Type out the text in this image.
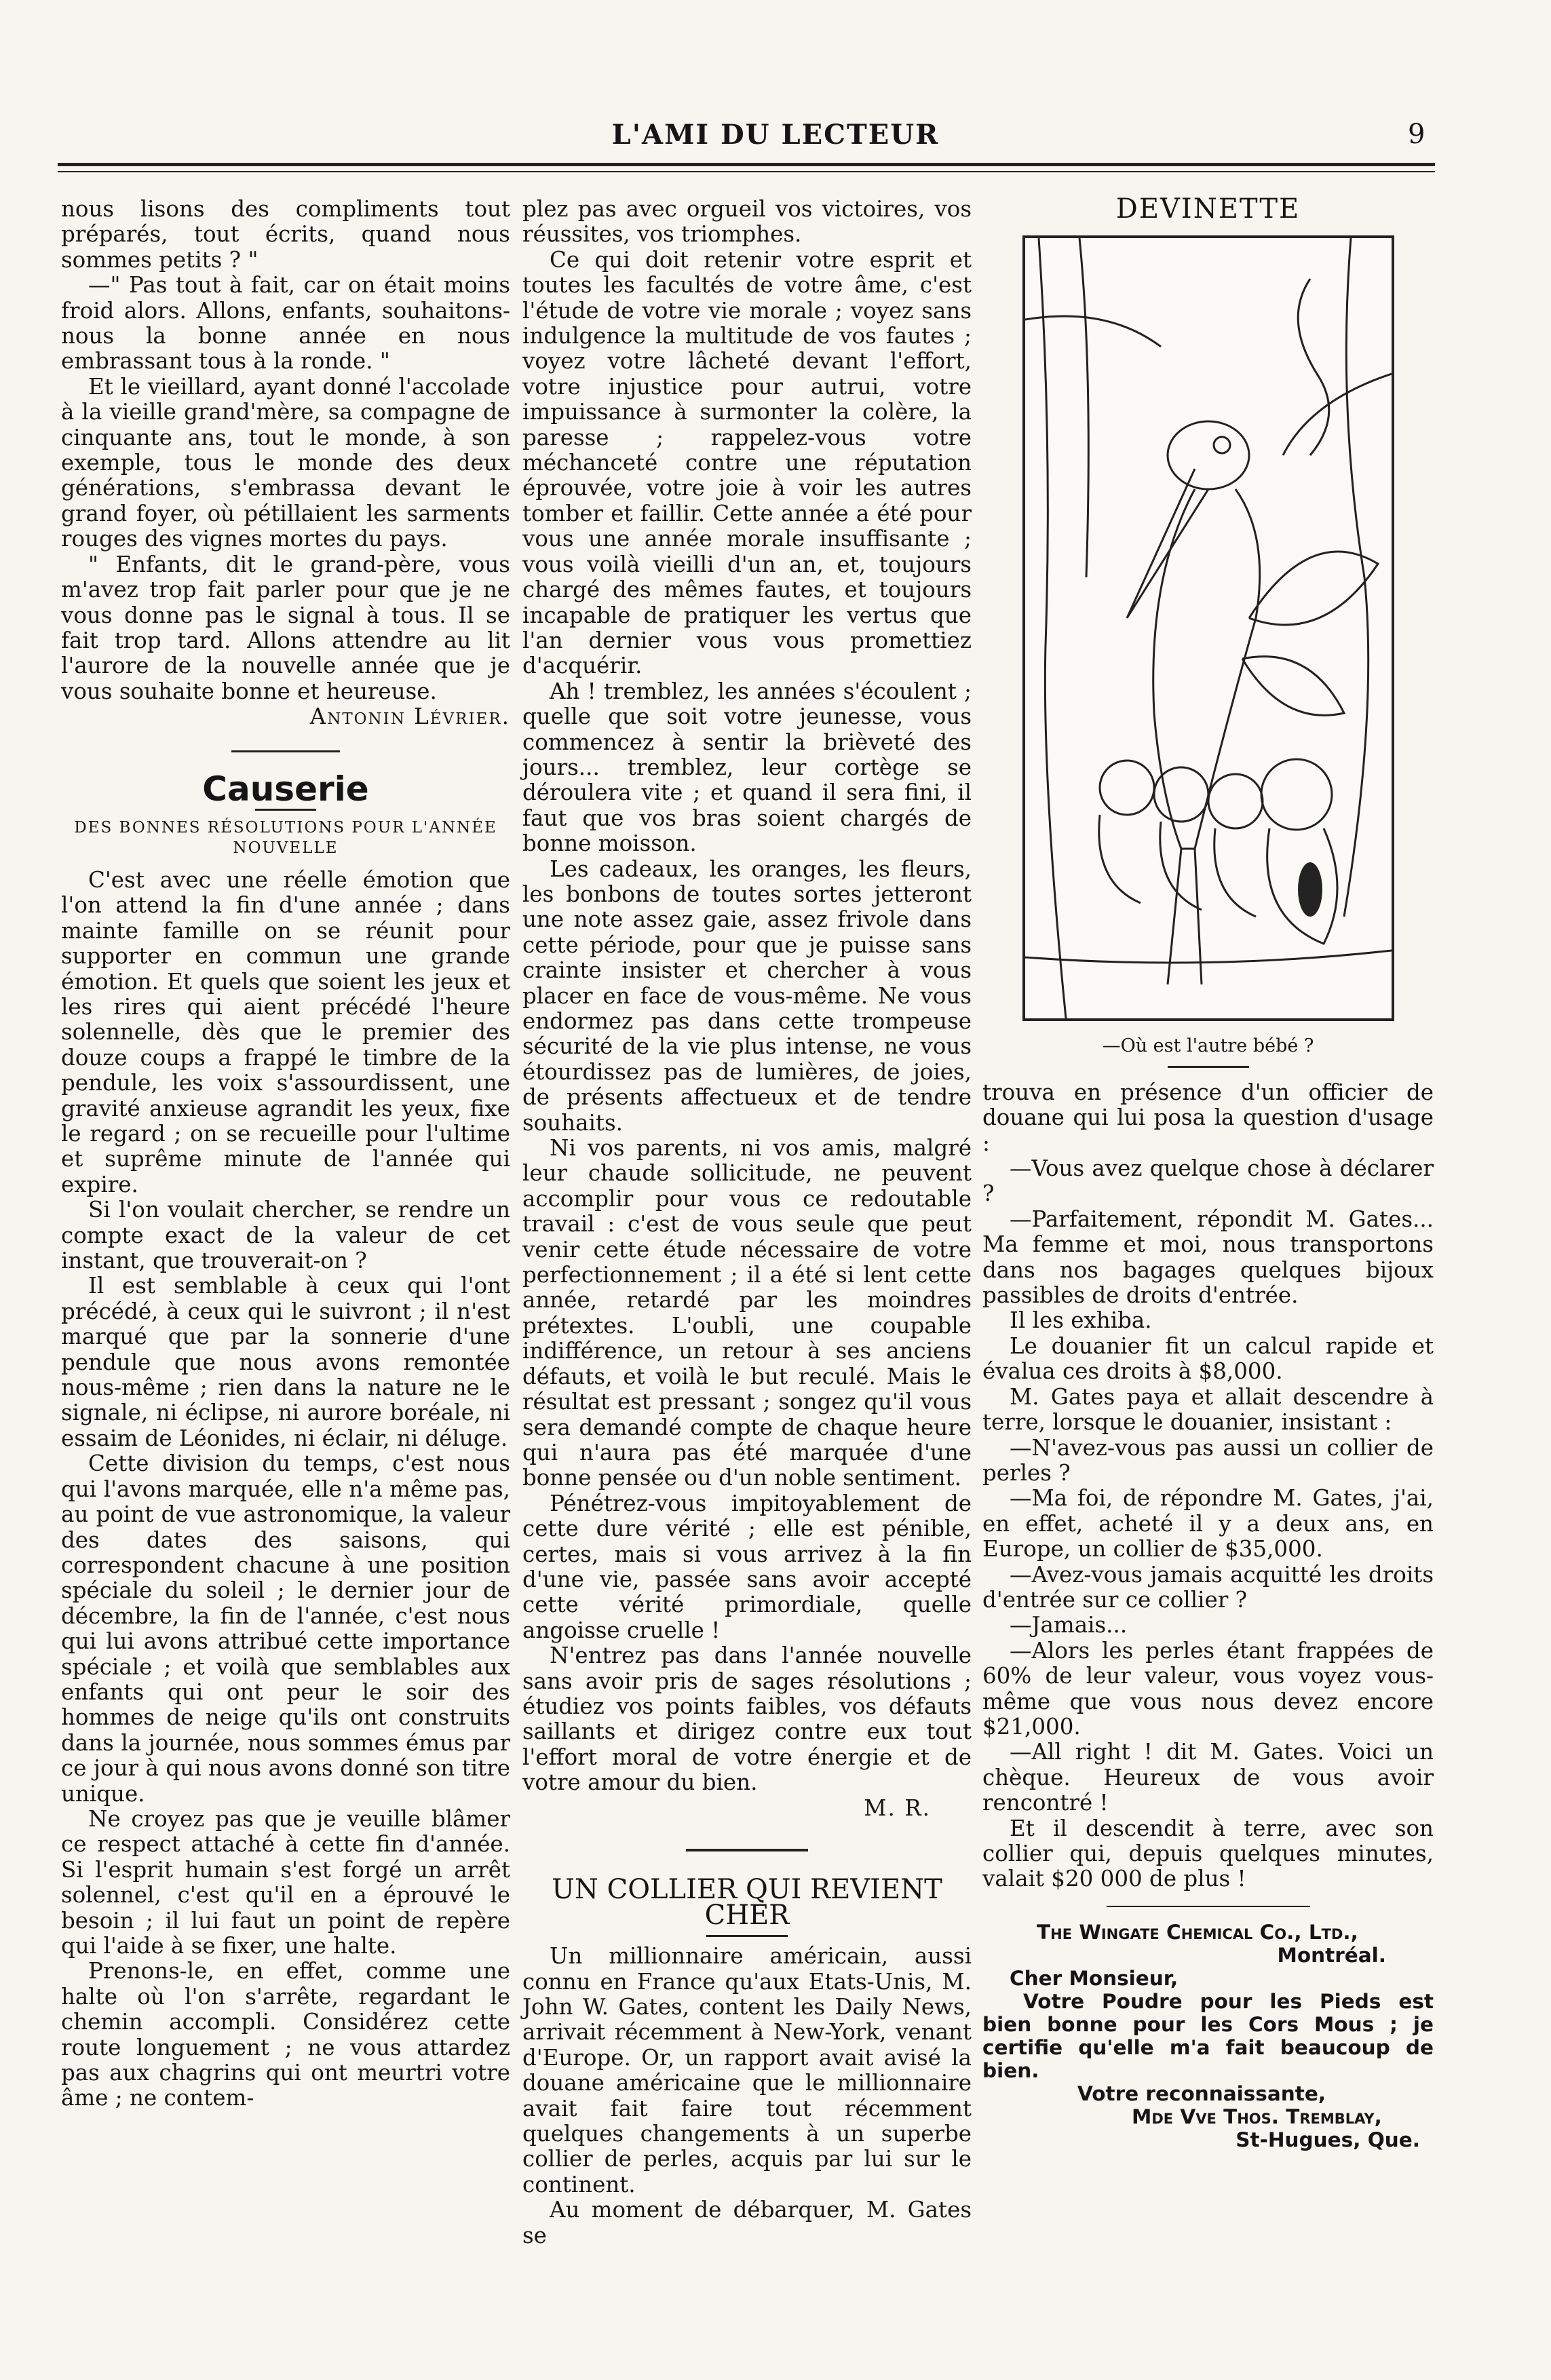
L'AMI DU LECTEUR	9

nous lisons des compliments tout préparés, tout écrits, quand nous sommes petits ? "

—" Pas tout à fait, car on était moins froid alors. Allons, enfants, souhaitons-nous la bonne année en nous embrassant tous à la ronde. "

Et le vieillard, ayant donné l'accolade à la vieille grand'mère, sa compagne de cinquante ans, tout le monde, à son exemple, tous le monde des deux générations, s'embrassa devant le grand foyer, où pétillaient les sarments rouges des vignes mortes du pays.

" Enfants, dit le grand-père, vous m'avez trop fait parler pour que je ne vous donne pas le signal à tous. Il se fait trop tard. Allons attendre au lit l'aurore de la nouvelle année que je vous souhaite bonne et heureuse.

Antonin Lévrier.

Causerie
DES BONNES RÉSOLUTIONS POUR L'ANNÉE NOUVELLE

C'est avec une réelle émotion que l'on attend la fin d'une année ; dans mainte famille on se réunit pour supporter en commun une grande émotion. Et quels que soient les jeux et les rires qui aient précédé l'heure solennelle, dès que le premier des douze coups a frappé le timbre de la pendule, les voix s'assourdissent, une gravité anxieuse agrandit les yeux, fixe le regard ; on se recueille pour l'ultime et suprême minute de l'année qui expire.

Si l'on voulait chercher, se rendre un compte exact de la valeur de cet instant, que trouverait-on ?

Il est semblable à ceux qui l'ont précédé, à ceux qui le suivront ; il n'est marqué que par la sonnerie d'une pendule que nous avons remontée nous-même ; rien dans la nature ne le signale, ni éclipse, ni aurore boréale, ni essaim de Léonides, ni éclair, ni déluge.

Cette division du temps, c'est nous qui l'avons marquée, elle n'a même pas, au point de vue astronomique, la valeur des dates des saisons, qui correspondent chacune à une position spéciale du soleil ; le dernier jour de décembre, la fin de l'année, c'est nous qui lui avons attribué cette importance spéciale ; et voilà que semblables aux enfants qui ont peur le soir des hommes de neige qu'ils ont construits dans la journée, nous sommes émus par ce jour à qui nous avons donné son titre unique.

Ne croyez pas que je veuille blâmer ce respect attaché à cette fin d'année. Si l'esprit humain s'est forgé un arrêt solennel, c'est qu'il en a éprouvé le besoin ; il lui faut un point de repère qui l'aide à se fixer, une halte.

Prenons-le, en effet, comme une halte où l'on s'arrête, regardant le chemin accompli. Considérez cette route longuement ; ne vous attardez pas aux chagrins qui ont meurtri votre âme ; ne contem-

plez pas avec orgueil vos victoires, vos réussites, vos triomphes.

Ce qui doit retenir votre esprit et toutes les facultés de votre âme, c'est l'étude de votre vie morale ; voyez sans indulgence la multitude de vos fautes ; voyez votre lâcheté devant l'effort, votre injustice pour autrui, votre impuissance à surmonter la colère, la paresse ; rappelez-vous votre méchanceté contre une réputation éprouvée, votre joie à voir les autres tomber et faillir. Cette année a été pour vous une année morale insuffisante ; vous voilà vieilli d'un an, et, toujours chargé des mêmes fautes, et toujours incapable de pratiquer les vertus que l'an dernier vous vous promettiez d'acquérir.

Ah ! tremblez, les années s'écoulent ; quelle que soit votre jeunesse, vous commencez à sentir la brièveté des jours... tremblez, leur cortège se déroulera vite ; et quand il sera fini, il faut que vos bras soient chargés de bonne moisson.

Les cadeaux, les oranges, les fleurs, les bonbons de toutes sortes jetteront une note assez gaie, assez frivole dans cette période, pour que je puisse sans crainte insister et chercher à vous placer en face de vous-même. Ne vous endormez pas dans cette trompeuse sécurité de la vie plus intense, ne vous étourdissez pas de lumières, de joies, de présents affectueux et de tendre souhaits.

Ni vos parents, ni vos amis, malgré leur chaude sollicitude, ne peuvent accomplir pour vous ce redoutable travail : c'est de vous seule que peut venir cette étude nécessaire de votre perfectionnement ; il a été si lent cette année, retardé par les moindres prétextes. L'oubli, une coupable indifférence, un retour à ses anciens défauts, et voilà le but reculé. Mais le résultat est pressant ; songez qu'il vous sera demandé compte de chaque heure qui n'aura pas été marquée d'une bonne pensée ou d'un noble sentiment.

Pénétrez-vous impitoyablement de cette dure vérité ; elle est pénible, certes, mais si vous arrivez à la fin d'une vie, passée sans avoir accepté cette vérité primordiale, quelle angoisse cruelle !

N'entrez pas dans l'année nouvelle sans avoir pris de sages résolutions ; étudiez vos points faibles, vos défauts saillants et dirigez contre eux tout l'effort moral de votre énergie et de votre amour du bien.

M. R.

UN COLLIER QUI REVIENT CHER

Un millionnaire américain, aussi connu en France qu'aux Etats-Unis, M. John W. Gates, content les Daily News, arrivait récemment à New-York, venant d'Europe. Or, un rapport avait avisé la douane américaine que le millionnaire avait fait faire tout récemment quelques changements à un superbe collier de perles, acquis par lui sur le continent.

Au moment de débarquer, M. Gates se

DEVINETTE
—Où est l'autre bébé ?

trouva en présence d'un officier de douane qui lui posa la question d'usage :

—Vous avez quelque chose à déclarer ?

—Parfaitement, répondit M. Gates... Ma femme et moi, nous transportons dans nos bagages quelques bijoux passibles de droits d'entrée.

Il les exhiba.

Le douanier fit un calcul rapide et évalua ces droits à $8,000.

M. Gates paya et allait descendre à terre, lorsque le douanier, insistant :

—N'avez-vous pas aussi un collier de perles ?

—Ma foi, de répondre M. Gates, j'ai, en effet, acheté il y a deux ans, en Europe, un collier de $35,000.

—Avez-vous jamais acquitté les droits d'entrée sur ce collier ?

—Jamais...

—Alors les perles étant frappées de 60% de leur valeur, vous voyez vous-même que vous nous devez encore $21,000.

—All right ! dit M. Gates. Voici un chèque. Heureux de vous avoir rencontré !

Et il descendit à terre, avec son collier qui, depuis quelques minutes, valait $20 000 de plus !

The Wingate Chemical Co., Ltd.,

Montréal.

Cher Monsieur,

Votre Poudre pour les Pieds est bien bonne pour les Cors Mous ; je certifie qu'elle m'a fait beaucoup de bien.

Votre reconnaissante,

Mde Vve Thos. Tremblay,

St-Hugues, Que.
